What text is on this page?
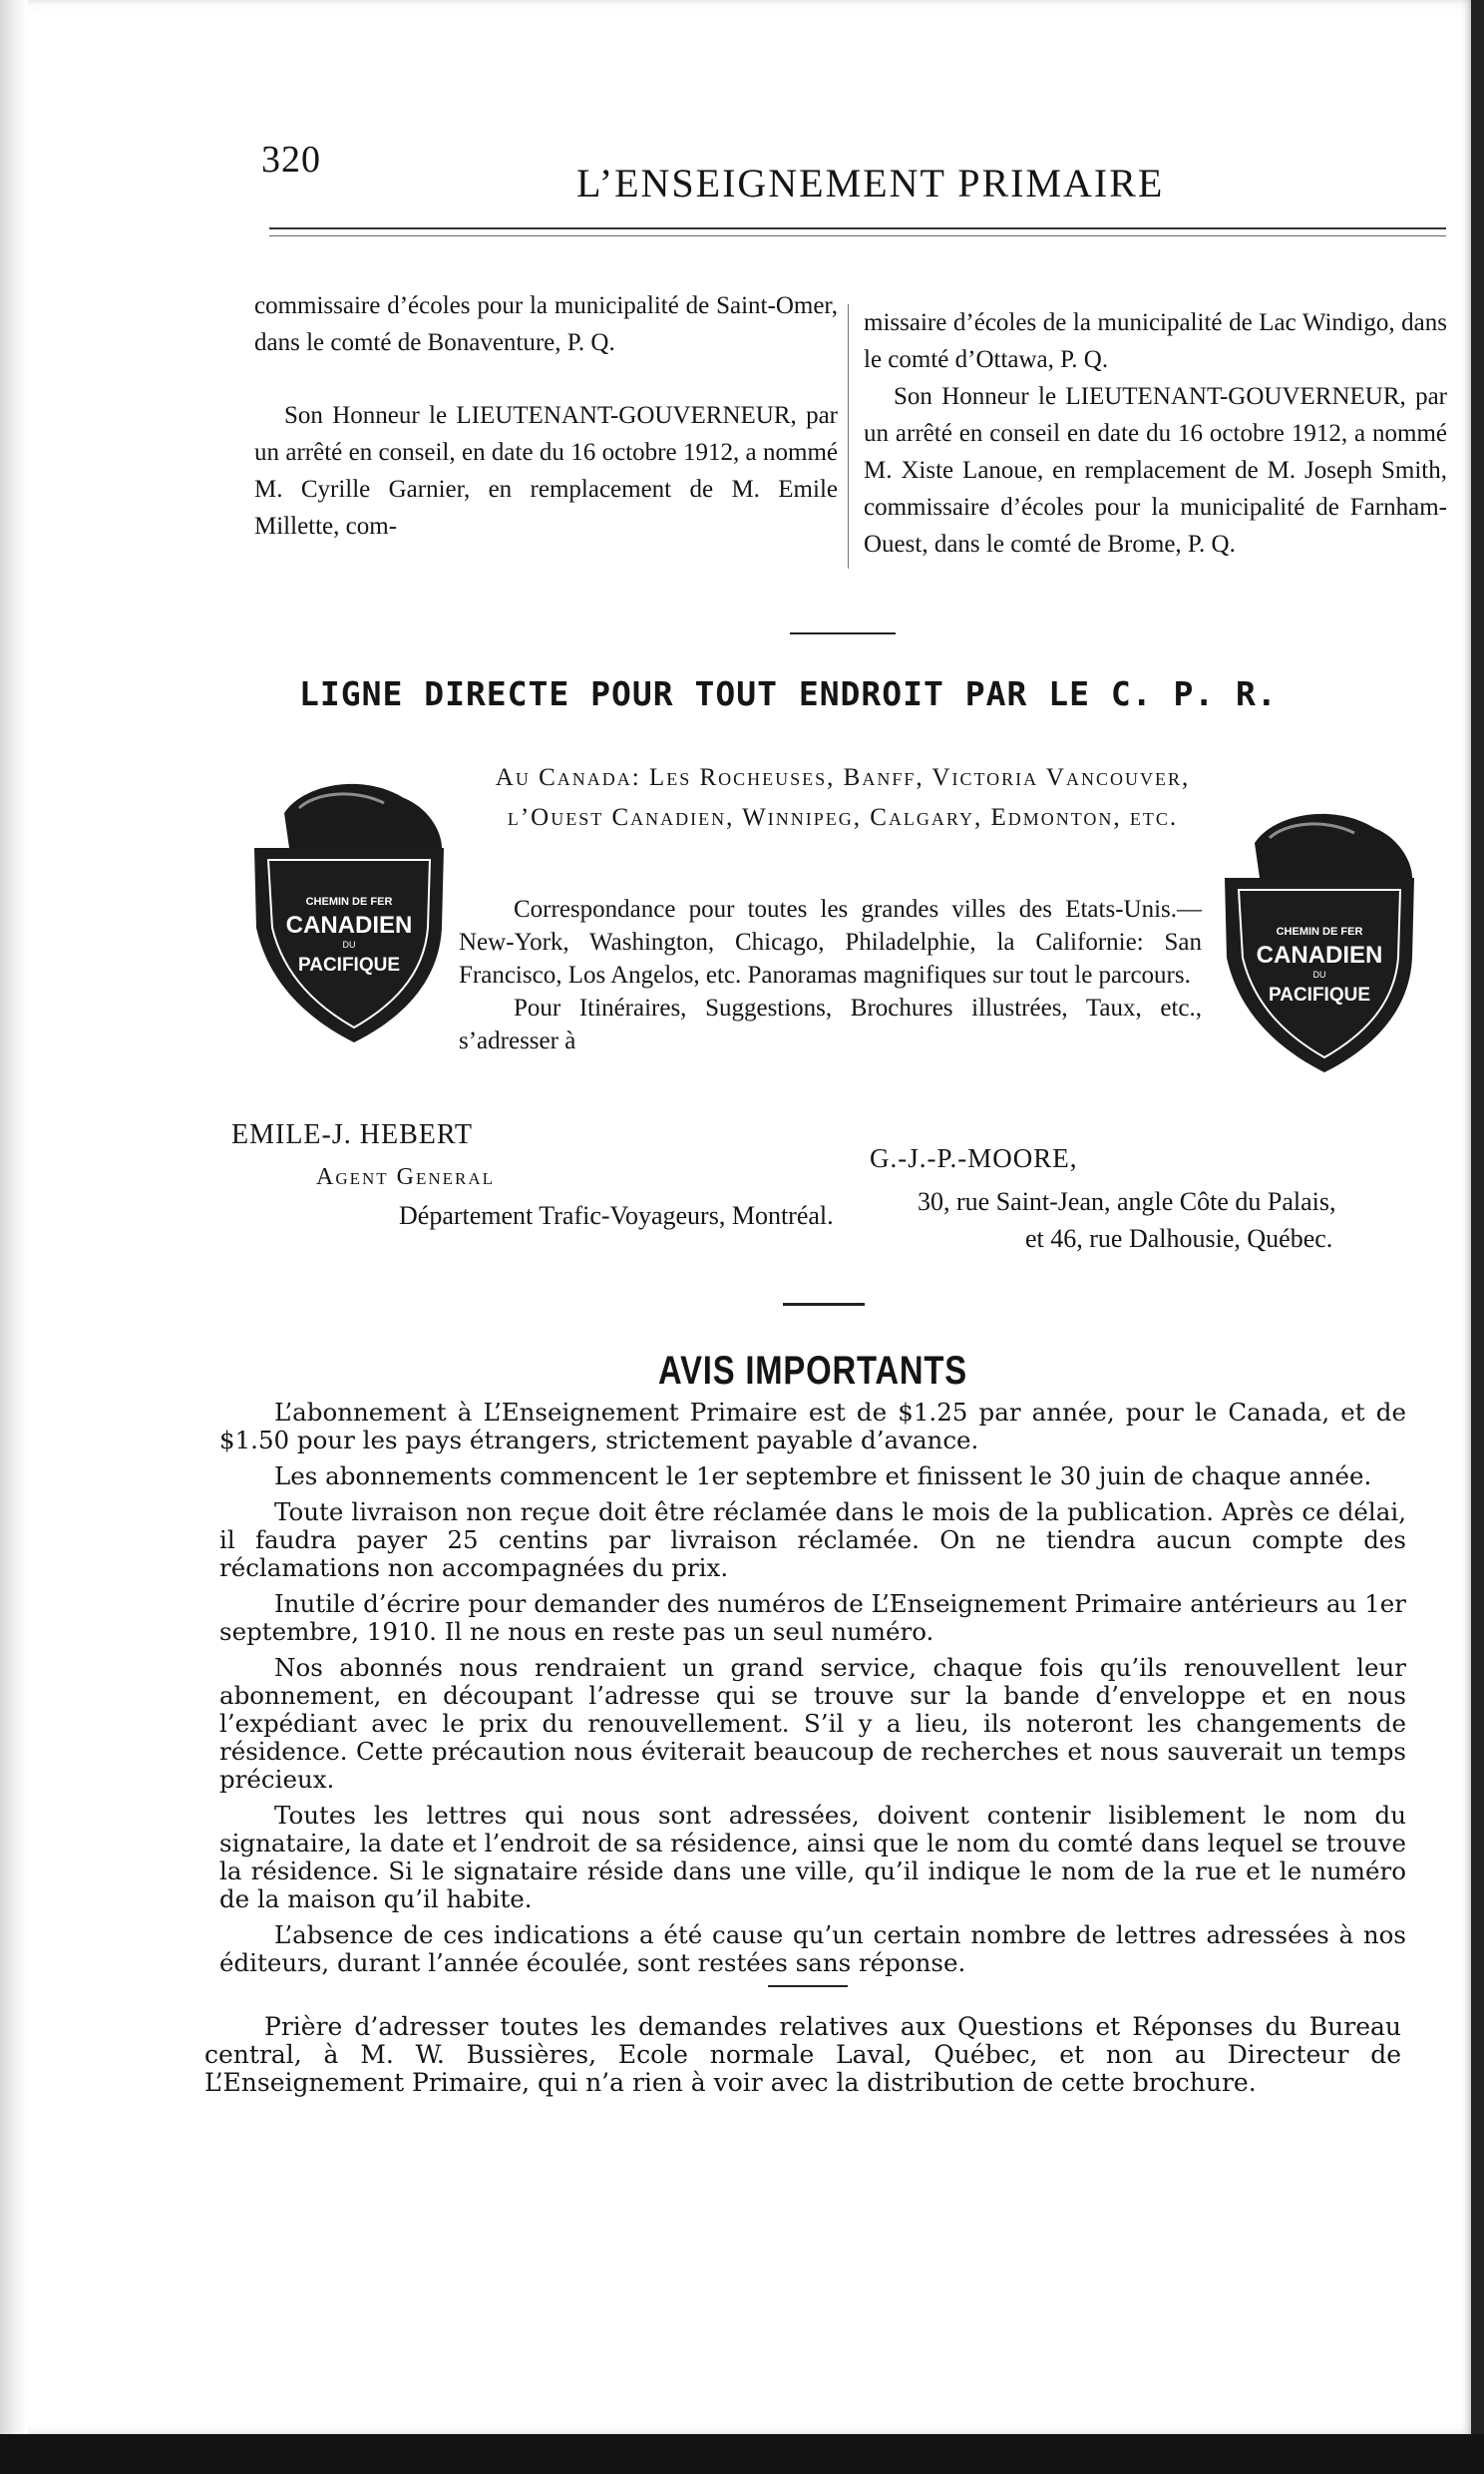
320
L’ENSEIGNEMENT PRIMAIRE

commissaire d’écoles pour la municipalité de Saint-Omer, dans le comté de Bonaventure, P. Q.

Son Honneur le LIEUTENANT-GOUVERNEUR, par un arrêté en conseil, en date du 16 octobre 1912, a nommé M. Cyrille Garnier, en remplacement de M. Emile Millette, com-

missaire d’écoles de la municipalité de Lac Windigo, dans le comté d’Ottawa, P. Q.

Son Honneur le LIEUTENANT-GOUVERNEUR, par un arrêté en conseil en date du 16 octobre 1912, a nommé M. Xiste Lanoue, en remplacement de M. Joseph Smith, commissaire d’écoles pour la municipalité de Farnham-Ouest, dans le comté de Brome, P. Q.

LIGNE DIRECTE POUR TOUT ENDROIT PAR LE C. P. R.
Au Canada: Les Rocheuses, Banff, Victoria Vancouver, l’Ouest Canadien, Winnipeg, Calgary, Edmonton, etc.
CHEMIN DE FER
CANADIEN
DU
PACIFIQUE

Correspondance pour toutes les grandes villes des Etats-Unis.—New-York, Washington, Chicago, Philadelphie, la Californie: San Francisco, Los Angelos, etc. Panoramas magnifiques sur tout le parcours.

Pour Itinéraires, Suggestions, Brochures illustrées, Taux, etc., s’adresser à

CHEMIN DE FER
CANADIEN
DU
PACIFIQUE
EMILE-J. HEBERT
Agent General
Département Trafic-Voyageurs, Montréal.
G.-J.-P.-MOORE,
30, rue Saint-Jean, angle Côte du Palais,
et 46, rue Dalhousie, Québec.
AVIS IMPORTANTS

L’abonnement à L’Enseignement Primaire est de $1.25 par année, pour le Canada, et de $1.50 pour les pays étrangers, strictement payable d’avance.

Les abonnements commencent le 1er septembre et finissent le 30 juin de chaque année.

Toute livraison non reçue doit être réclamée dans le mois de la publication. Après ce délai, il faudra payer 25 centins par livraison réclamée. On ne tiendra aucun compte des réclamations non accompagnées du prix.

Inutile d’écrire pour demander des numéros de L’Enseignement Primaire antérieurs au 1er septembre, 1910. Il ne nous en reste pas un seul numéro.

Nos abonnés nous rendraient un grand service, chaque fois qu’ils renouvellent leur abonnement, en découpant l’adresse qui se trouve sur la bande d’enveloppe et en nous l’expédiant avec le prix du renouvellement. S’il y a lieu, ils noteront les changements de résidence. Cette précaution nous éviterait beaucoup de recherches et nous sauverait un temps précieux.

Toutes les lettres qui nous sont adressées, doivent contenir lisiblement le nom du signataire, la date et l’endroit de sa résidence, ainsi que le nom du comté dans lequel se trouve la résidence. Si le signataire réside dans une ville, qu’il indique le nom de la rue et le numéro de la maison qu’il habite.

L’absence de ces indications a été cause qu’un certain nombre de lettres adressées à nos éditeurs, durant l’année écoulée, sont restées sans réponse.

Prière d’adresser toutes les demandes relatives aux Questions et Réponses du Bureau central, à M. W. Bussières, Ecole normale Laval, Québec, et non au Directeur de L’Enseignement Primaire, qui n’a rien à voir avec la distribution de cette brochure.
